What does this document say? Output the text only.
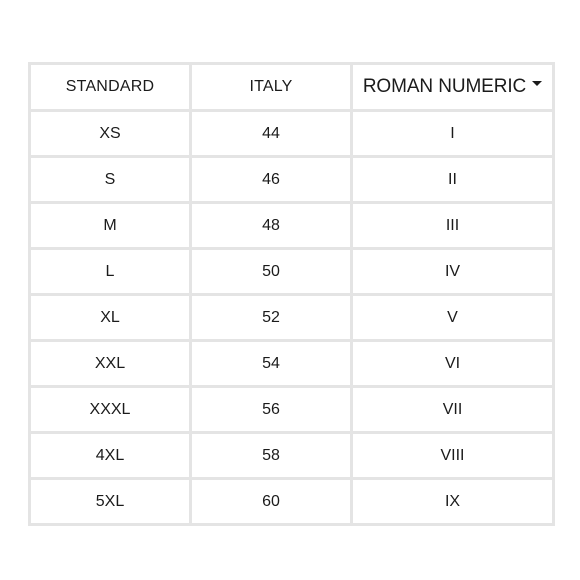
STANDARD	ITALY	ROMAN NUMERIC
XS	44	I
S	46	II
M	48	III
L	50	IV
XL	52	V
XXL	54	VI
XXXL	56	VII
4XL	58	VIII
5XL	60	IX
